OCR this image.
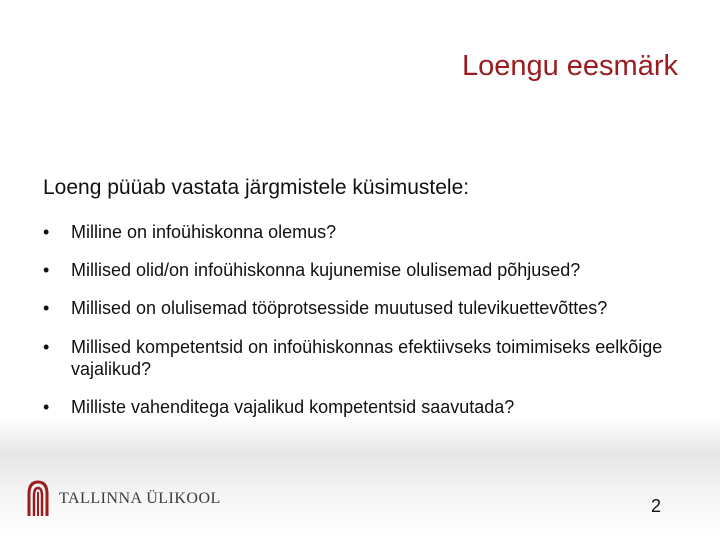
Loengu eesmärk
Loeng püüab vastata järgmistele küsimustele:
•	Milline on infoühiskonna olemus?
•	Millised olid/on infoühiskonna kujunemise olulisemad põhjused?
•	Millised on olulisemad tööprotsesside muutused tulevikuettevõttes?
•	Millised kompetentsid on infoühiskonnas efektiivseks toimimiseks eelkõige vajalikud?
•	Milliste vahenditega vajalikud kompetentsid saavutada?
TALLINNA ÜLIKOOL	2
